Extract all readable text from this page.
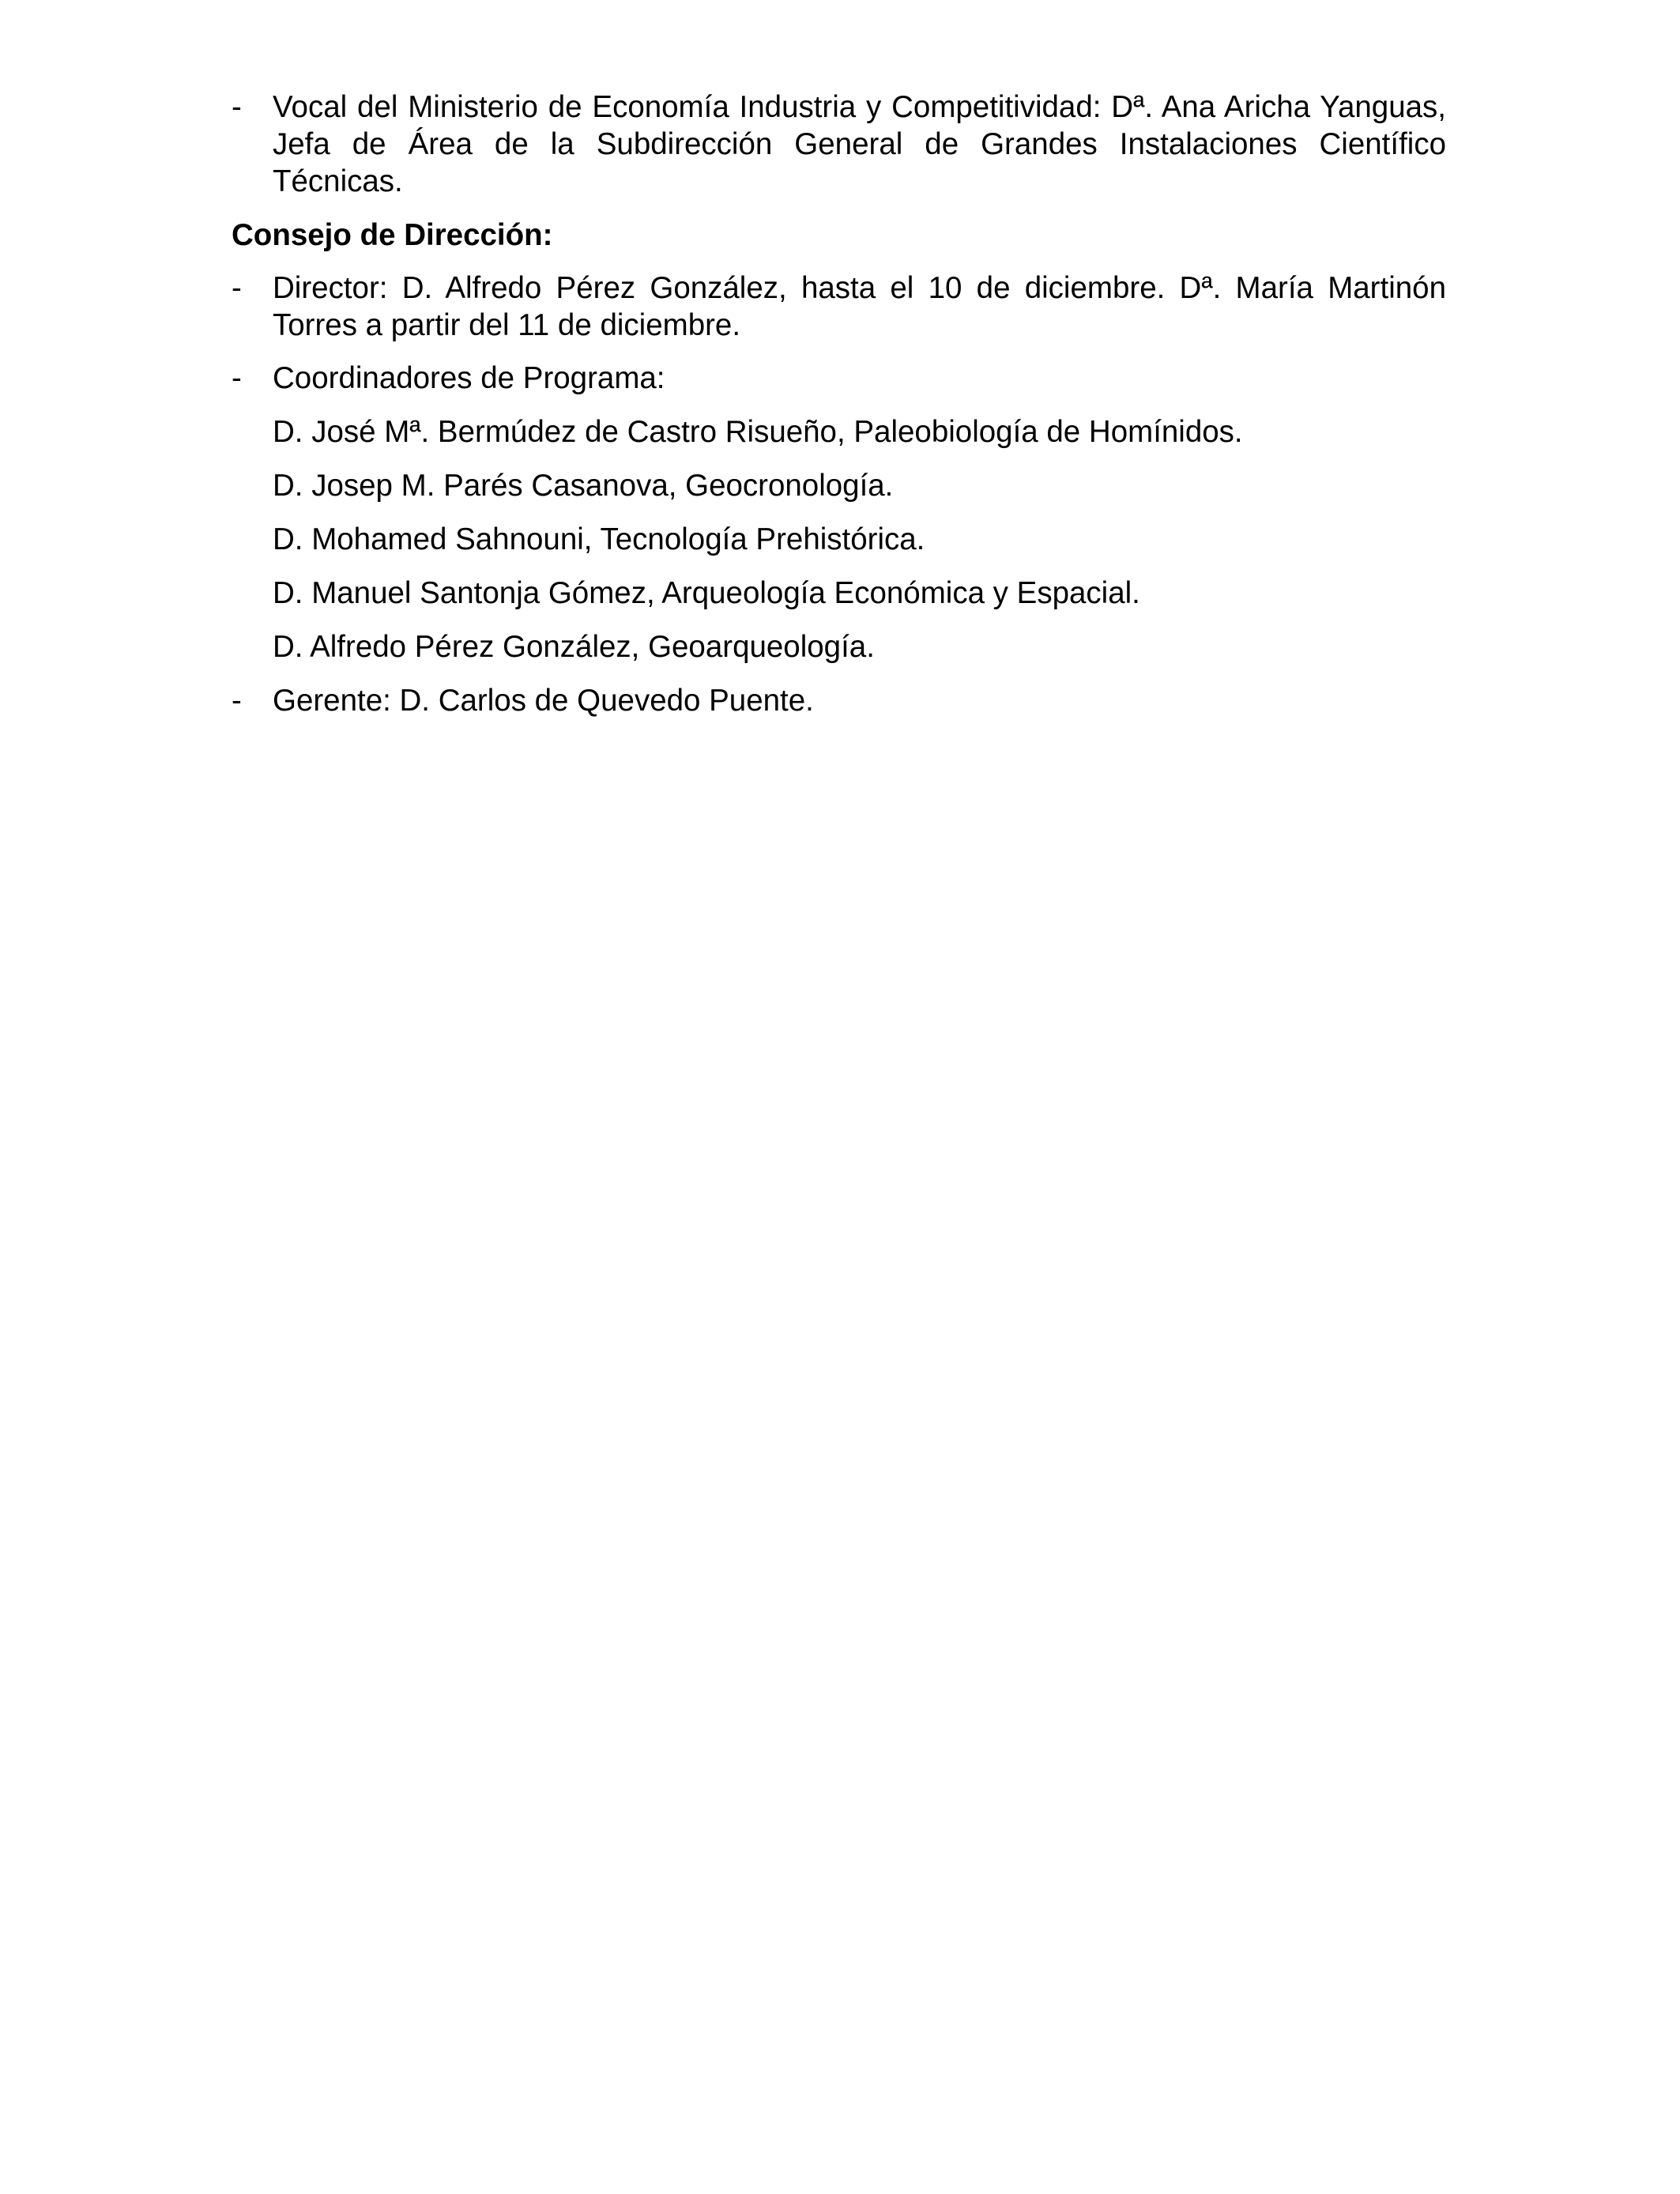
- Vocal del Ministerio de Economía Industria y Competitividad: Dª. Ana Aricha Yanguas, Jefa de Área de la Subdirección General de Grandes Instalaciones Científico Técnicas.
Consejo de Dirección:
- Director: D. Alfredo Pérez González, hasta el 10 de diciembre. Dª. María Martinón Torres a partir del 11 de diciembre.
- Coordinadores de Programa:
D. José Mª. Bermúdez de Castro Risueño, Paleobiología de Homínidos.
D. Josep M. Parés Casanova, Geocronología.
D. Mohamed Sahnouni, Tecnología Prehistórica.
D. Manuel Santonja Gómez, Arqueología Económica y Espacial.
D. Alfredo Pérez González, Geoarqueología.
- Gerente: D. Carlos de Quevedo Puente.
